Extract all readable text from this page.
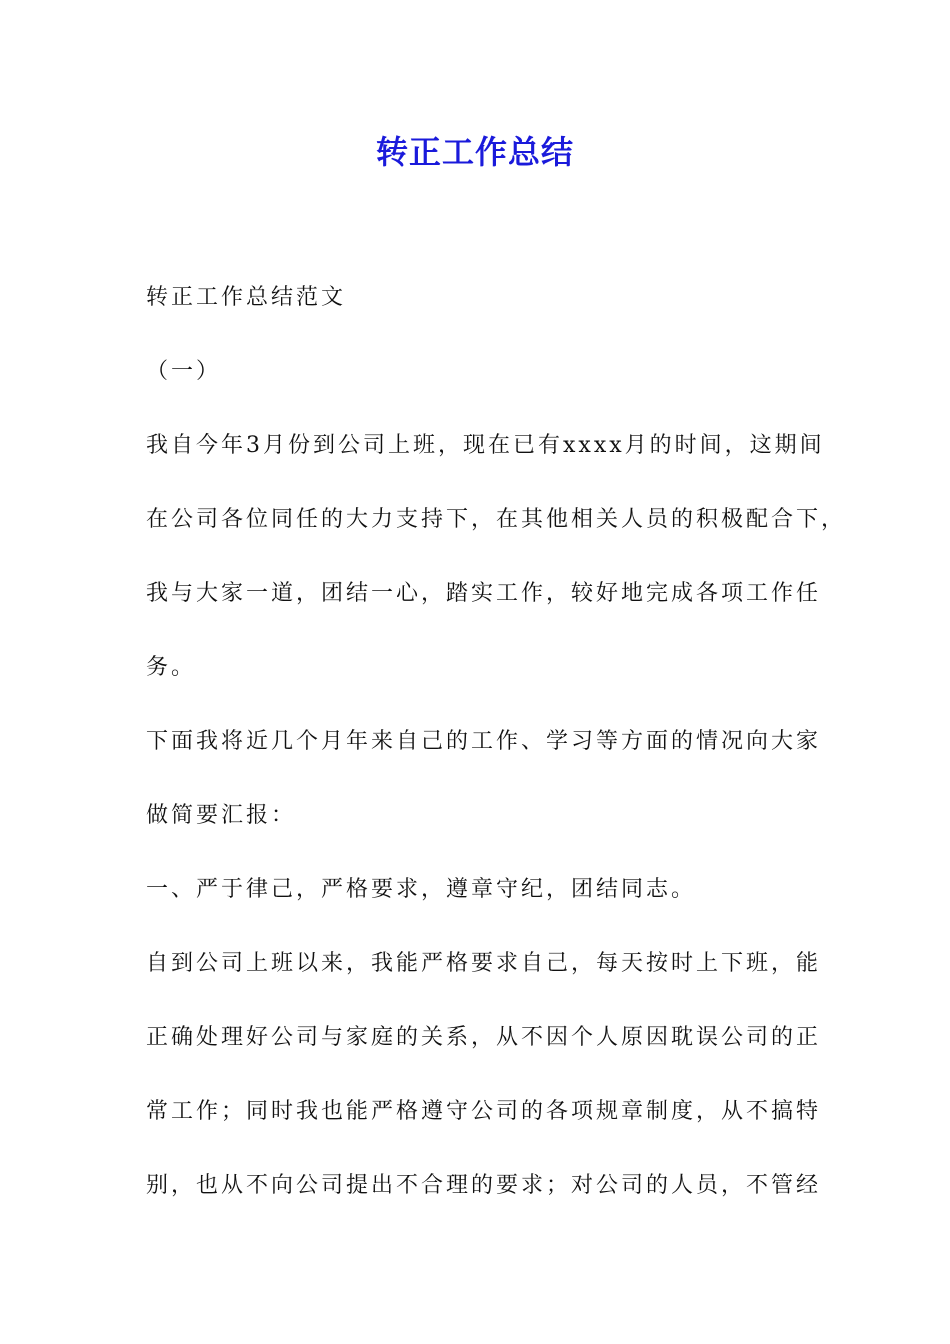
转正工作总结
转正工作总结范文
（一）
我自今年3月份到公司上班，现在已有xxxx月的时间，这期间
在公司各位同任的大力支持下，在其他相关人员的积极配合下，
我与大家一道，团结一心，踏实工作，较好地完成各项工作任
务。
下面我将近几个月年来自己的工作、学习等方面的情况向大家
做简要汇报：
一、严于律己，严格要求，遵章守纪，团结同志。
自到公司上班以来，我能严格要求自己，每天按时上下班，能
正确处理好公司与家庭的关系，从不因个人原因耽误公司的正
常工作；同时我也能严格遵守公司的各项规章制度，从不搞特
别，也从不向公司提出不合理的要求；对公司的人员，不管经
